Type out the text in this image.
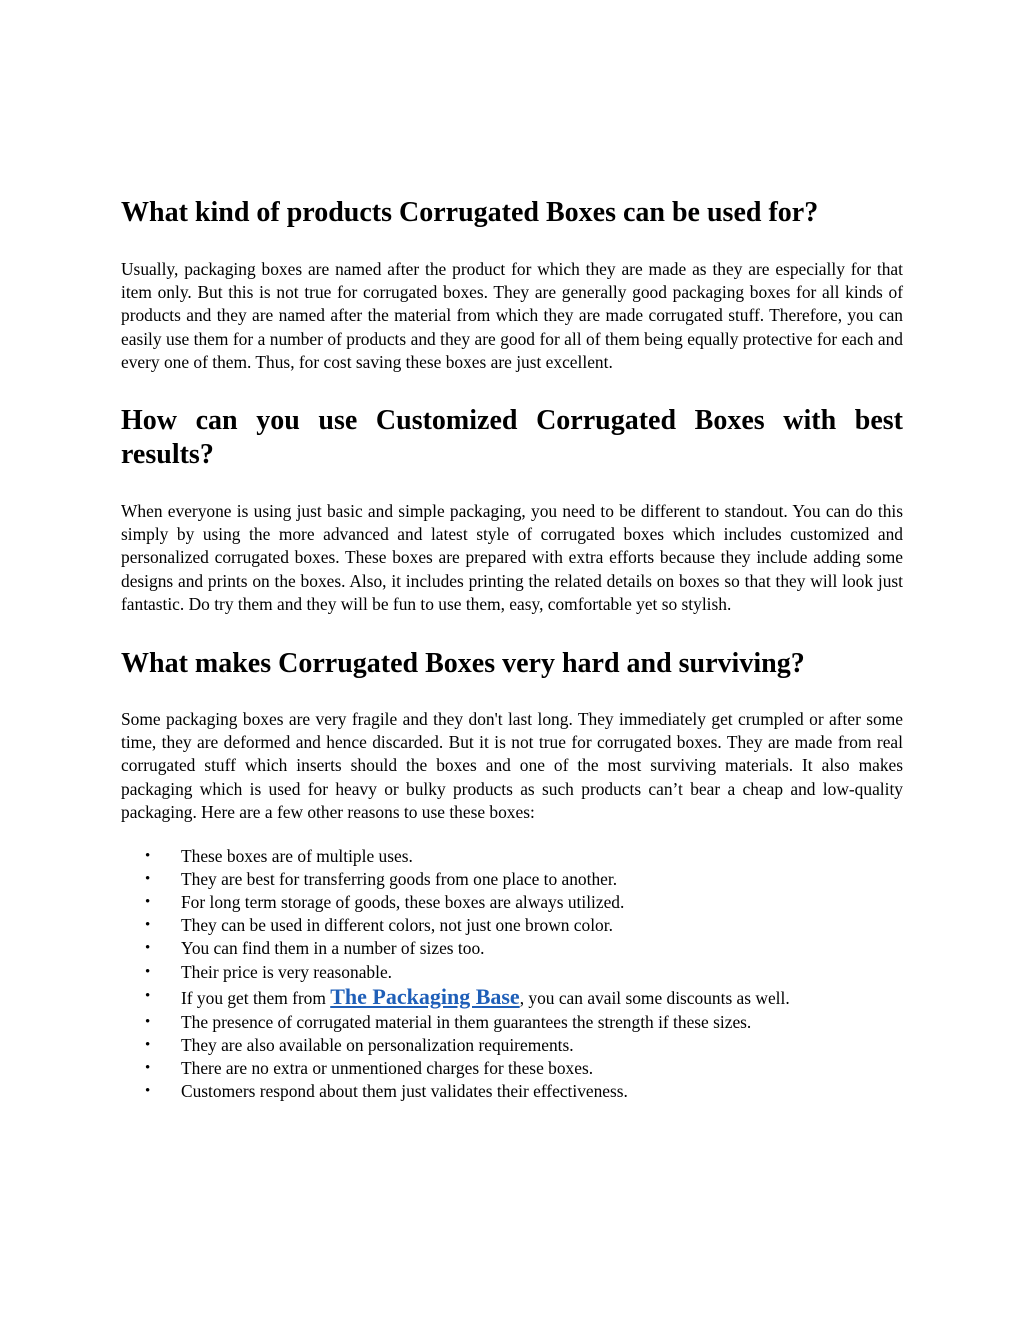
What kind of products Corrugated Boxes can be used for?

Usually, packaging boxes are named after the product for which they are made as they are especially for that item only. But this is not true for corrugated boxes. They are generally good packaging boxes for all kinds of products and they are named after the material from which they are made corrugated stuff. Therefore, you can easily use them for a number of products and they are good for all of them being equally protective for each and every one of them. Thus, for cost saving these boxes are just excellent.

How can you use Customized Corrugated Boxes with best results?

When everyone is using just basic and simple packaging, you need to be different to standout. You can do this simply by using the more advanced and latest style of corrugated boxes which includes customized and personalized corrugated boxes. These boxes are prepared with extra efforts because they include adding some designs and prints on the boxes. Also, it includes printing the related details on boxes so that they will look just fantastic. Do try them and they will be fun to use them, easy, comfortable yet so stylish.

What makes Corrugated Boxes very hard and surviving?

Some packaging boxes are very fragile and they don't last long. They immediately get crumpled or after some time, they are deformed and hence discarded. But it is not true for corrugated boxes. They are made from real corrugated stuff which inserts should the boxes and one of the most surviving materials. It also makes packaging which is used for heavy or bulky products as such products can’t bear a cheap and low-quality packaging. Here are a few other reasons to use these boxes:

• These boxes are of multiple uses.
• They are best for transferring goods from one place to another.
• For long term storage of goods, these boxes are always utilized.
• They can be used in different colors, not just one brown color.
• You can find them in a number of sizes too.
• Their price is very reasonable.
• If you get them from The Packaging Base, you can avail some discounts as well.
• The presence of corrugated material in them guarantees the strength if these sizes.
• They are also available on personalization requirements.
• There are no extra or unmentioned charges for these boxes.
• Customers respond about them just validates their effectiveness.
